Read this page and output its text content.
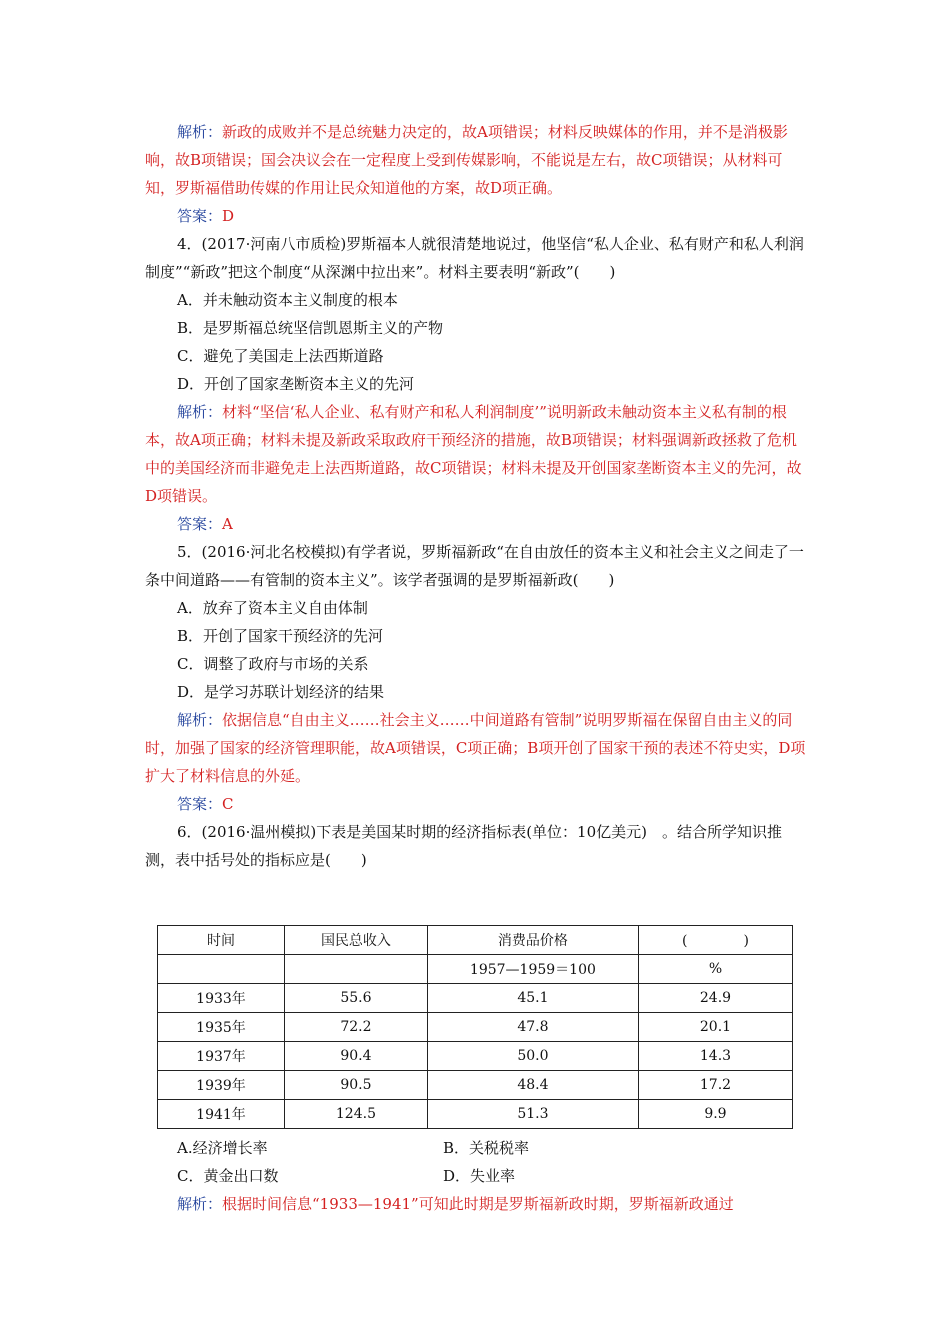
解析：新政的成败并不是总统魅力决定的，故A项错误；材料反映媒体的作用，并不是消极影响，故B项错误；国会决议会在一定程度上受到传媒影响，不能说是左右，故C项错误；从材料可知，罗斯福借助传媒的作用让民众知道他的方案，故D项正确。

答案：D

4．(2017·河南八市质检)罗斯福本人就很清楚地说过，他坚信“私人企业、私有财产和私人利润制度”“新政”把这个制度“从深渊中拉出来”。材料主要表明“新政”(　　)

A．并未触动资本主义制度的根本

B．是罗斯福总统坚信凯恩斯主义的产物

C．避免了美国走上法西斯道路

D．开创了国家垄断资本主义的先河

解析：材料“坚信‘私人企业、私有财产和私人利润制度’”说明新政未触动资本主义私有制的根本，故A项正确；材料未提及新政采取政府干预经济的措施，故B项错误；材料强调新政拯救了危机中的美国经济而非避免走上法西斯道路，故C项错误；材料未提及开创国家垄断资本主义的先河，故D项错误。

答案：A

5．(2016·河北名校模拟)有学者说，罗斯福新政“在自由放任的资本主义和社会主义之间走了一条中间道路——有管制的资本主义”。该学者强调的是罗斯福新政(　　)

A．放弃了资本主义自由体制

B．开创了国家干预经济的先河

C．调整了政府与市场的关系

D．是学习苏联计划经济的结果

解析：依据信息“自由主义……社会主义……中间道路有管制”说明罗斯福在保留自由主义的同时，加强了国家的经济管理职能，故A项错误，C项正确；B项开创了国家干预的表述不符史实，D项扩大了材料信息的外延。

答案：C

6．(2016·温州模拟)下表是美国某时期的经济指标表(单位：10亿美元)　。结合所学知识推测，表中括号处的指标应是(　　)

时间	国民总收入	消费品价格	(　　　　)
		1957—1959＝100	%
1933年	55.6	45.1	24.9
1935年	72.2	47.8	20.1
1937年	90.4	50.0	14.3
1939年	90.5	48.4	17.2
1941年	124.5	51.3	9.9
A.经济增长率	B．关税税率
C．黄金出口数	D．失业率

解析：根据时间信息“1933—1941”可知此时期是罗斯福新政时期，罗斯福新政通过
